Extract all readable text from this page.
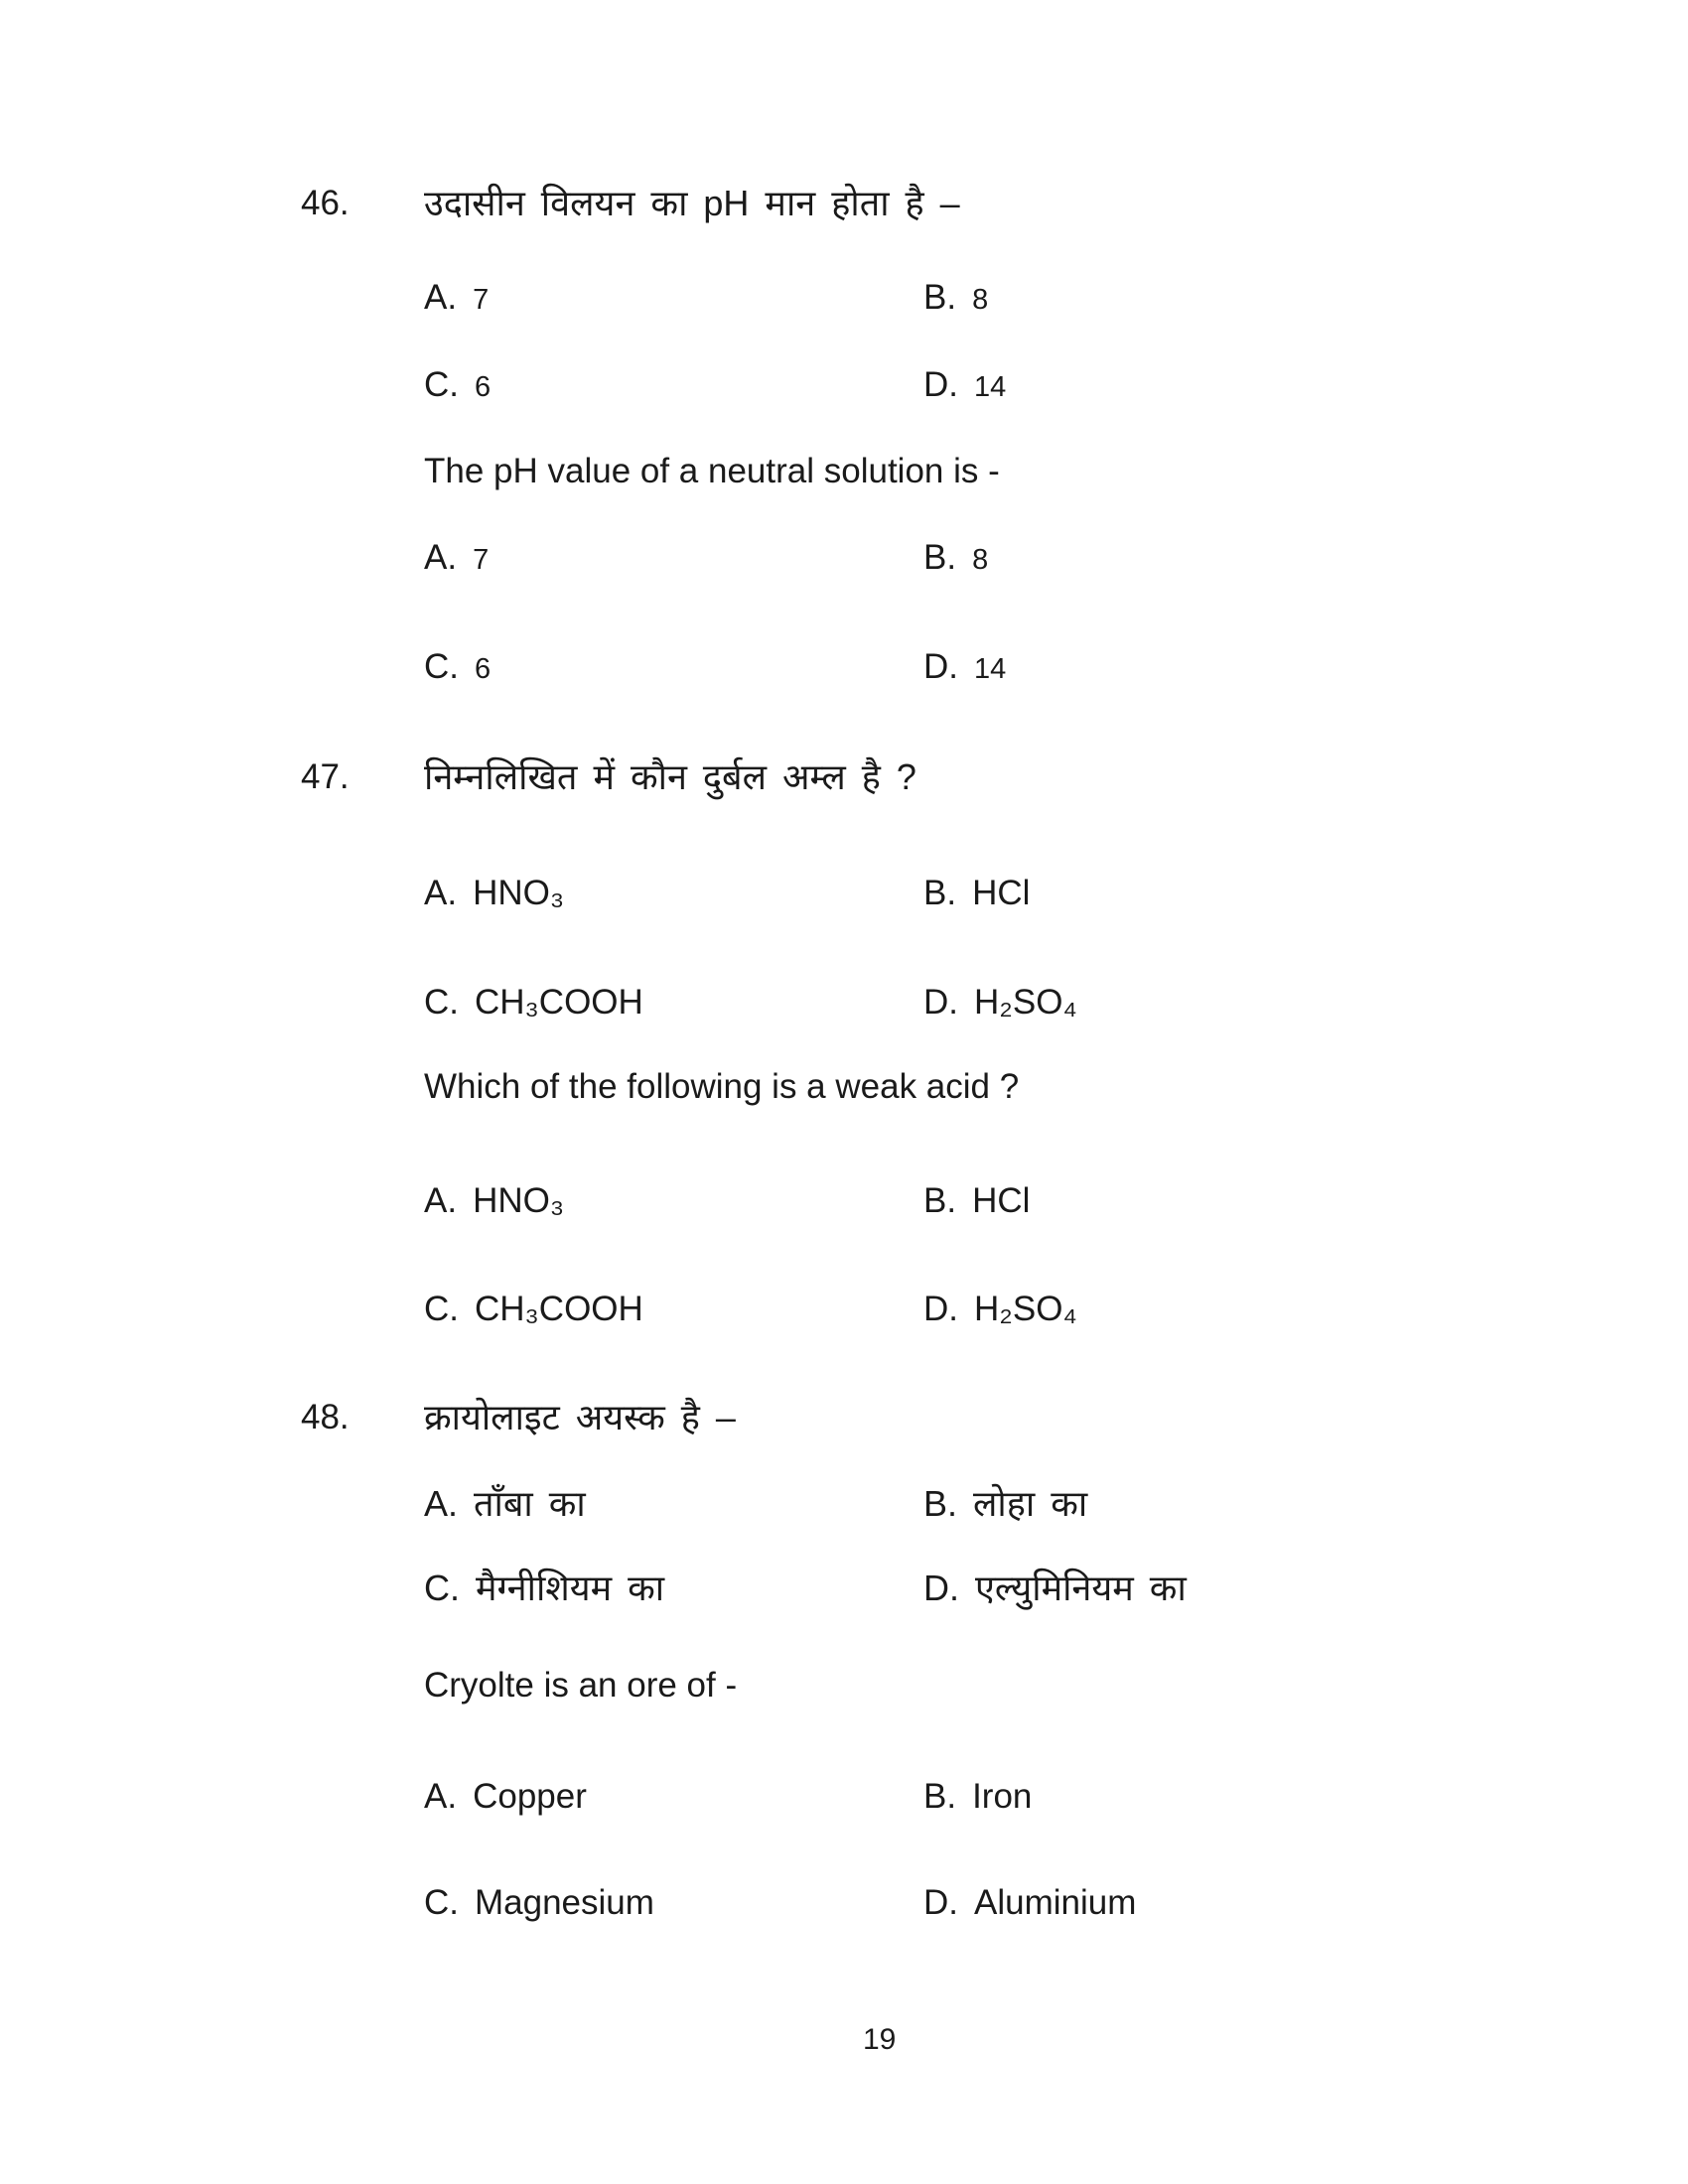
46. उदासीन विलयन का pH मान होता है –
A. 7	B. 8
C. 6	D. 14
The pH value of a neutral solution is -
A. 7	B. 8
C. 6	D. 14
47. निम्नलिखित में कौन दुर्बल अम्ल है ?
A. HNO₃	B. HCl
C. CH₃COOH	D. H₂SO₄
Which of the following is a weak acid ?
A. HNO₃	B. HCl
C. CH₃COOH	D. H₂SO₄
48. क्रायोलाइट अयस्क है –
A. ताँबा का	B. लोहा का
C. मैग्नीशियम का	D. एल्युमिनियम का
Cryolte is an ore of -
A. Copper	B. Iron
C. Magnesium	D. Aluminium
19
